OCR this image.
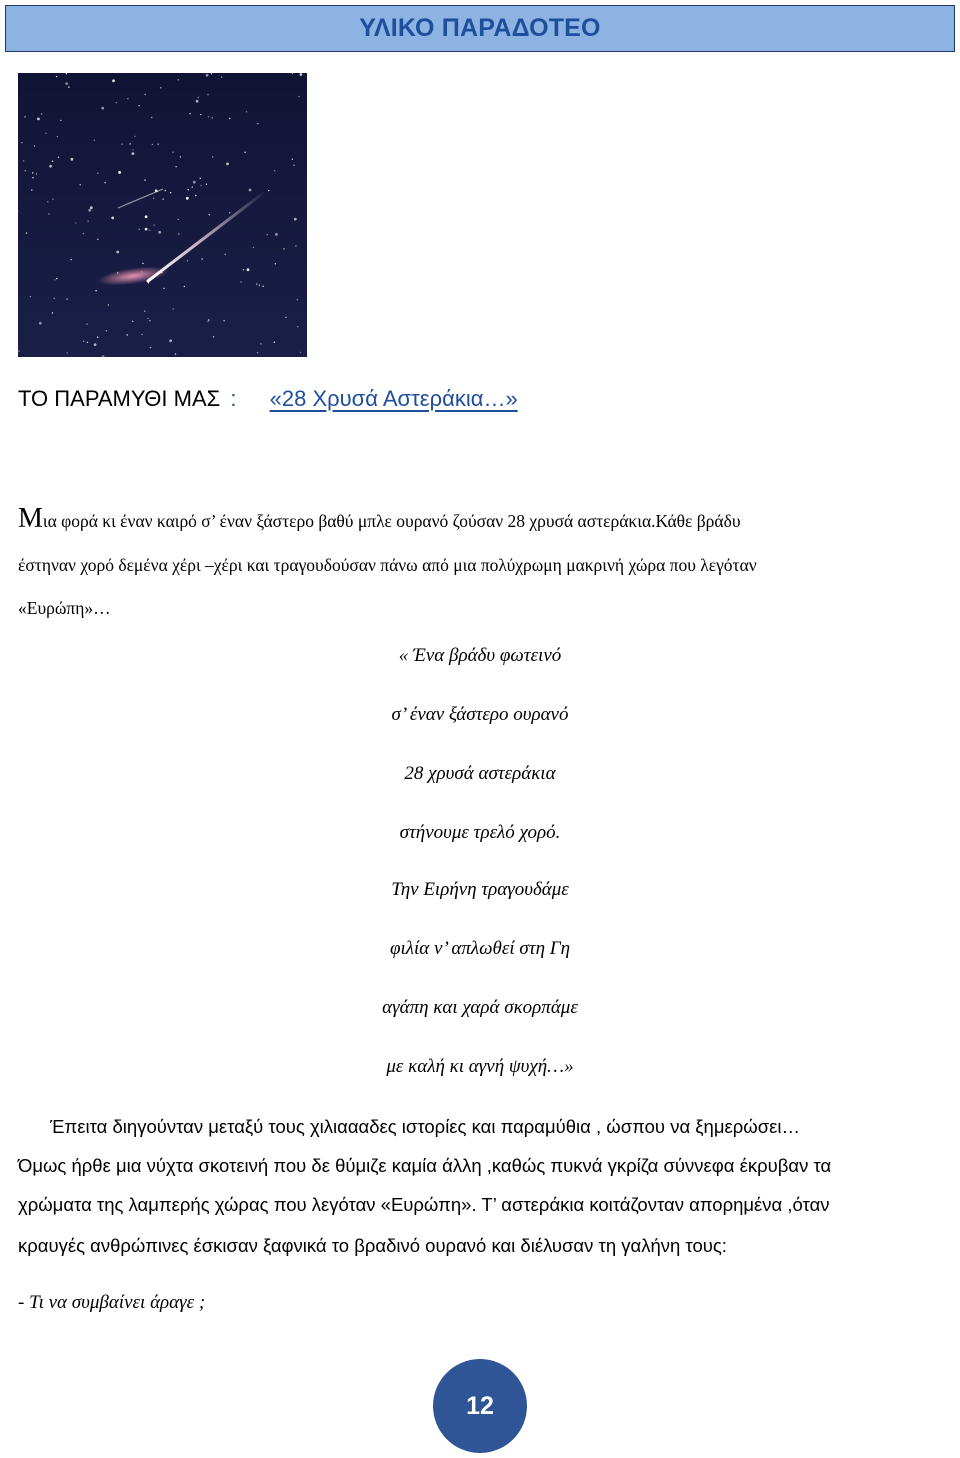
ΥΛΙΚΟ ΠΑΡΑΔΟΤΕΟ
ΤΟ ΠΑΡΑΜΥΘΙ ΜΑΣ : «28 Χρυσά Αστεράκια…»
Μια φορά κι έναν καιρό σ’ έναν ξάστερο βαθύ μπλε ουρανό ζούσαν 28 χρυσά αστεράκια.Κάθε βράδυ
έστηναν χορό δεμένα χέρι –χέρι και τραγουδούσαν πάνω από μια πολύχρωμη μακρινή χώρα που λεγόταν
«Ευρώπη»…
« Ένα βράδυ φωτεινό
σ’ έναν ξάστερο ουρανό
28 χρυσά αστεράκια
στήνουμε τρελό χορό.
Την Ειρήνη τραγουδάμε
φιλία ν’ απλωθεί στη Γη
αγάπη και χαρά σκορπάμε
με καλή κι αγνή ψυχή…»
Έπειτα διηγούνταν μεταξύ τους χιλιαααδες ιστορίες και παραμύθια , ώσπου να ξημερώσει…
Όμως ήρθε μια νύχτα σκοτεινή που δε θύμιζε καμία άλλη ,καθώς πυκνά γκρίζα σύννεφα έκρυβαν τα
χρώματα της λαμπερής χώρας που λεγόταν «Ευρώπη». Τ’ αστεράκια κοιτάζονταν απορημένα ,όταν
κραυγές ανθρώπινες έσκισαν ξαφνικά το βραδινό ουρανό και διέλυσαν τη γαλήνη τους:
- Τι να συμβαίνει άραγε ;
12
